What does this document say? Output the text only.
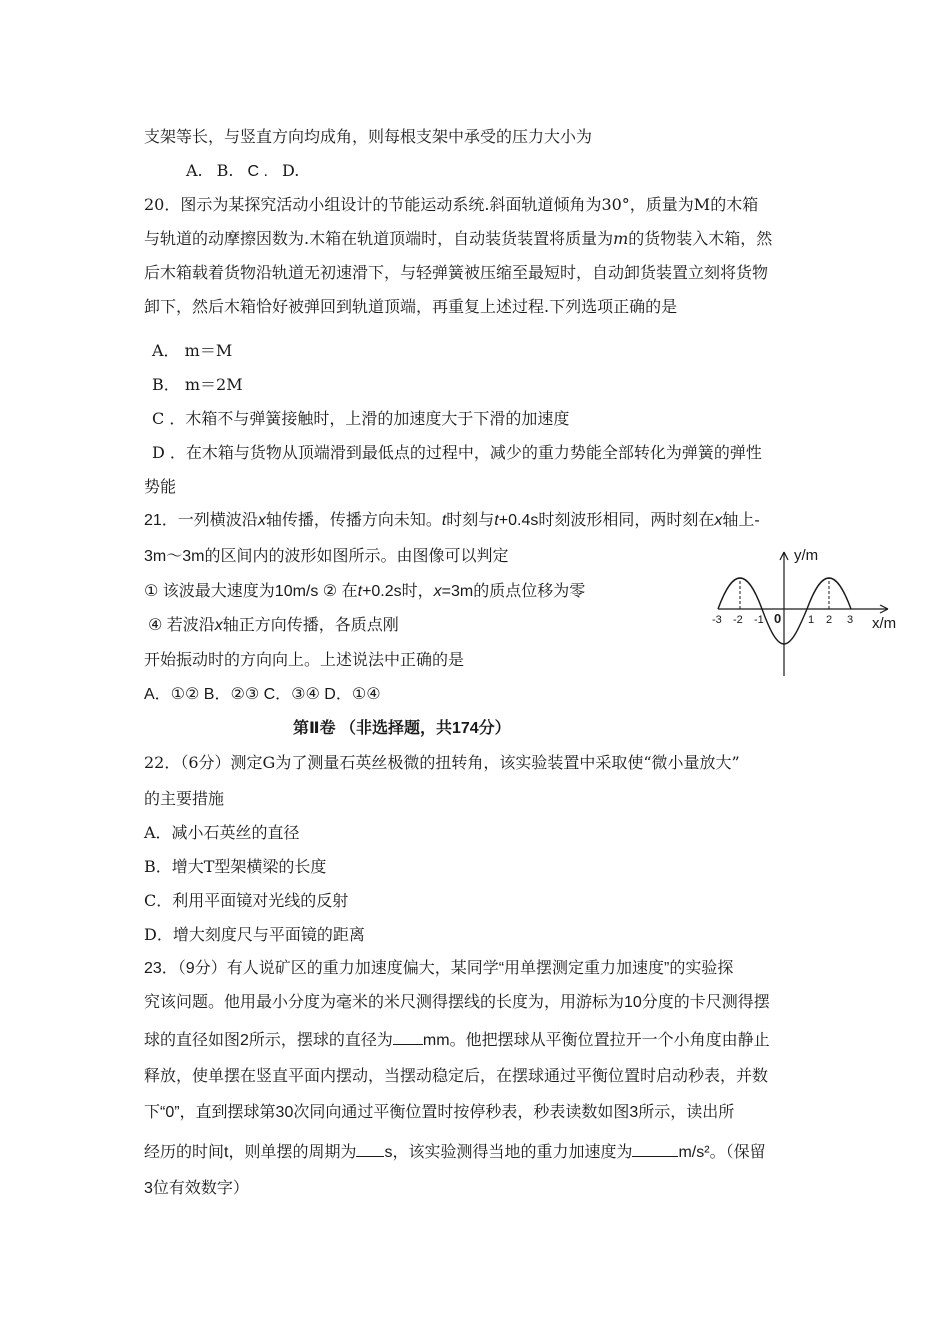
支架等长，与竖直方向均成角，则每根支架中承受的压力大小为
A. B. C . D.
20．图示为某探究活动小组设计的节能运动系统.斜面轨道倾角为30°，质量为M的木箱
与轨道的动摩擦因数为.木箱在轨道顶端时，自动装货装置将质量为m的货物装入木箱，然
后木箱载着货物沿轨道无初速滑下，与轻弹簧被压缩至最短时，自动卸货装置立刻将货物
卸下，然后木箱恰好被弹回到轨道顶端，再重复上述过程.下列选项正确的是
A． m＝M
B． m＝2M
C ．木箱不与弹簧接触时，上滑的加速度大于下滑的加速度
D ．在木箱与货物从顶端滑到最低点的过程中，减少的重力势能全部转化为弹簧的弹性
势能
21．一列横波沿x轴传播，传播方向未知。t时刻与t+0.4s时刻波形相同，两时刻在x轴上-
3m～3m的区间内的波形如图所示。由图像可以判定
① 该波最大速度为10m/s ② 在t+0.2s时，x=3m的质点位移为零
④ 若波沿x轴正方向传播，各质点刚
开始振动时的方向向上。上述说法中正确的是
A．①② B．②③ C．③④ D．①④
y/m
x/m
0
-3 -2 -1	1 2 3
第Ⅱ卷 （非选择题，共174分）
22．（6分）测定G为了测量石英丝极微的扭转角，该实验装置中采取使“微小量放大”
的主要措施
A．减小石英丝的直径
B．增大T型架横梁的长度
C．利用平面镜对光线的反射
D．增大刻度尺与平面镜的距离
23．（9分）有人说矿区的重力加速度偏大，某同学“用单摆测定重力加速度”的实验探
究该问题。他用最小分度为毫米的米尺测得摆线的长度为，用游标为10分度的卡尺测得摆
球的直径如图2所示，摆球的直径为 mm。他把摆球从平衡位置拉开一个小角度由静止
释放，使单摆在竖直平面内摆动，当摆动稳定后，在摆球通过平衡位置时启动秒表，并数
下“0”，直到摆球第30次同向通过平衡位置时按停秒表，秒表读数如图3所示，读出所
经历的时间t，则单摆的周期为 s，该实验测得当地的重力加速度为	m/s²。（保留
3位有效数字）
